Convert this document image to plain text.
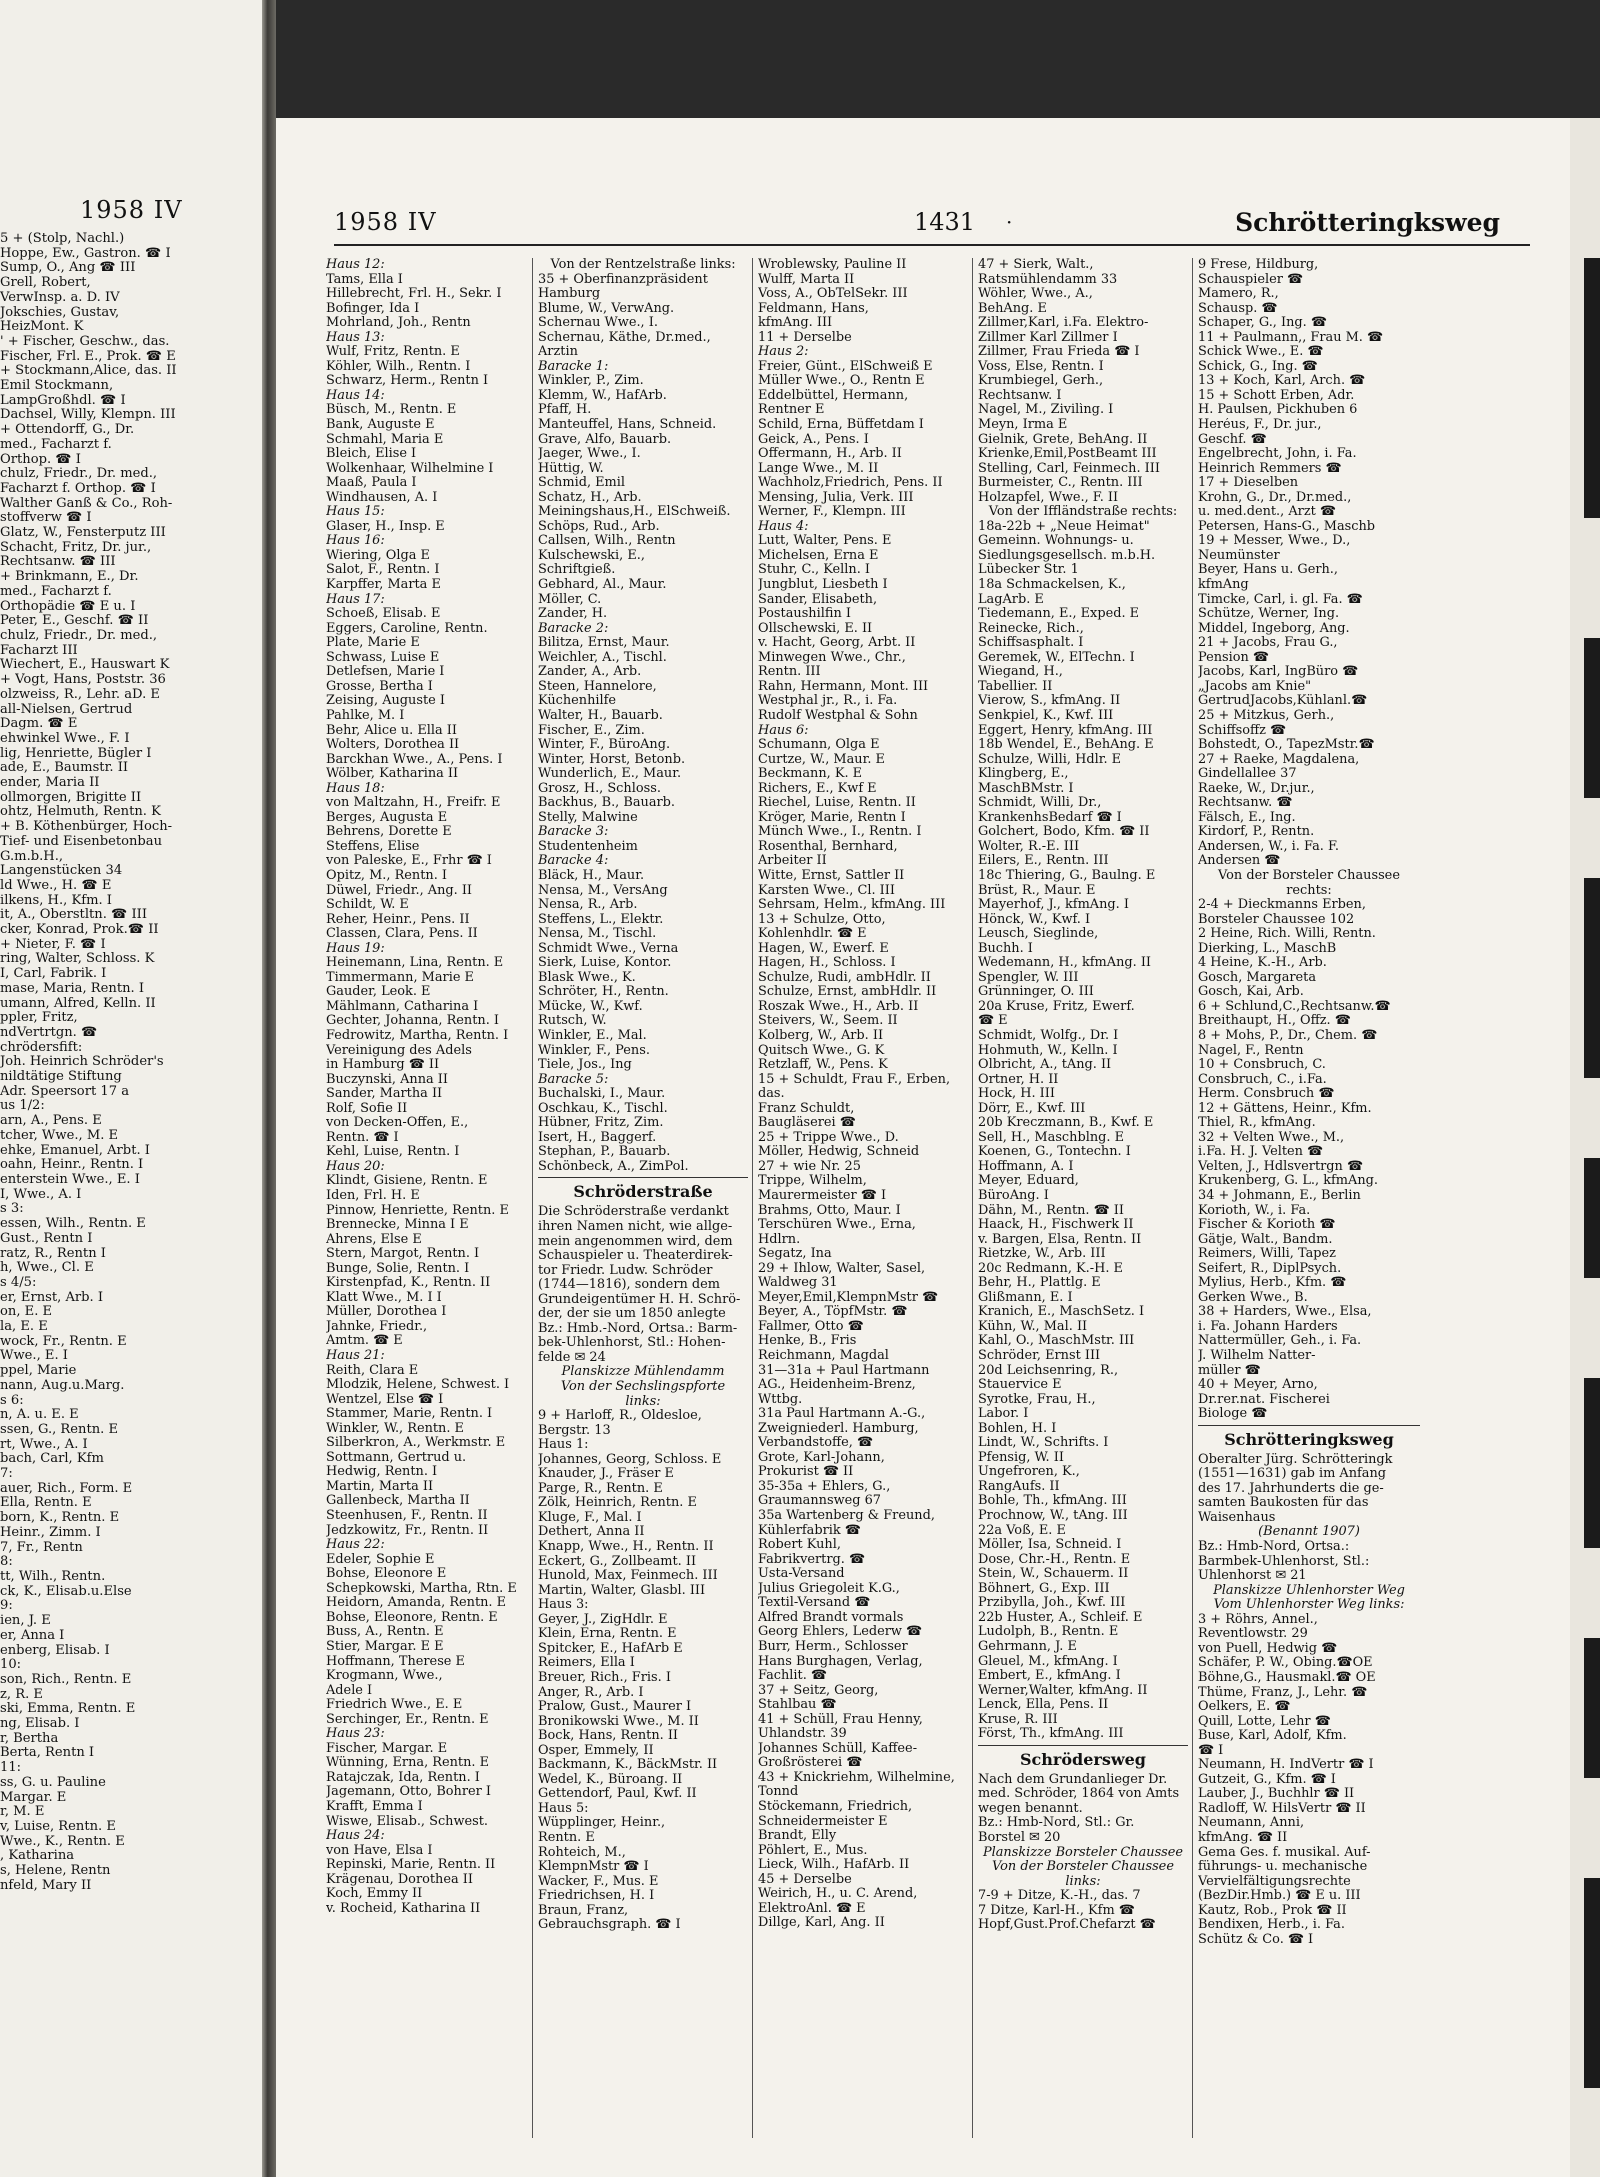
1958 IV
5 + (Stolp, Nachl.)
Hoppe, Ew., Gastron. ☎ I
Sump, O., Ang ☎ III
Grell, Robert,
VerwInsp. a. D. IV
Jokschies, Gustav,
HeizMont. K
' + Fischer, Geschw., das.
Fischer, Frl. E., Prok. ☎ E
+ Stockmann,Alice, das. II
Emil Stockmann,
LampGroßhdl. ☎ I
Dachsel, Willy, Klempn. III
+ Ottendorff, G., Dr.
med., Facharzt f.
Orthop. ☎ I
chulz, Friedr., Dr. med.,
Facharzt f. Orthop. ☎ I
Walther Ganß & Co., Roh-
stoffverw ☎ I
Glatz, W., Fensterputz III
Schacht, Fritz, Dr. jur.,
Rechtsanw. ☎ III
+ Brinkmann, E., Dr.
med., Facharzt f.
Orthopädie ☎ E u. I
Peter, E., Geschf. ☎ II
chulz, Friedr., Dr. med.,
Facharzt III
Wiechert, E., Hauswart K
+ Vogt, Hans, Poststr. 36
olzweiss, R., Lehr. aD. E
all-Nielsen, Gertrud
Dagm. ☎ E
ehwinkel Wwe., F. I
lig, Henriette, Bügler I
ade, E., Baumstr. II
ender, Maria II
ollmorgen, Brigitte II
ohtz, Helmuth, Rentn. K
+ B. Köthenbürger, Hoch-
Tief- und Eisenbetonbau
G.m.b.H.,
Langenstücken 34
ld Wwe., H. ☎ E
ilkens, H., Kfm. I
it, A., Oberstltn. ☎ III
cker, Konrad, Prok.☎ II
+ Nieter, F. ☎ I
ring, Walter, Schloss. K
I, Carl, Fabrik. I
mase, Maria, Rentn. I
umann, Alfred, Kelln. II
ppler, Fritz,
ndVertrtgn. ☎
chrödersfift:
Joh. Heinrich Schröder's
nildtätige Stiftung
Adr. Speersort 17 a
us 1/2:
arn, A., Pens. E
tcher, Wwe., M. E
ehke, Emanuel, Arbt. I
oahn, Heinr., Rentn. I
enterstein Wwe., E. I
I, Wwe., A. I
s 3:
essen, Wilh., Rentn. E
Gust., Rentn I
ratz, R., Rentn I
h, Wwe., Cl. E
s 4/5:
er, Ernst, Arb. I
on, E. E
la, E. E
wock, Fr., Rentn. E
Wwe., E. I
ppel, Marie
nann, Aug.u.Marg.
s 6:
n, A. u. E. E
ssen, G., Rentn. E
rt, Wwe., A. I
bach, Carl, Kfm
7:
auer, Rich., Form. E
Ella, Rentn. E
born, K., Rentn. E
Heinr., Zimm. I
7, Fr., Rentn
8:
tt, Wilh., Rentn.
ck, K., Elisab.u.Else
9:
ien, J. E
er, Anna I
enberg, Elisab. I
10:
son, Rich., Rentn. E
z, R. E
ski, Emma, Rentn. E
ng, Elisab. I
r, Bertha
Berta, Rentn I
11:
ss, G. u. Pauline
Margar. E
r, M. E
v, Luise, Rentn. E
Wwe., K., Rentn. E
, Katharina
s, Helene, Rentn
nfeld, Mary II
1958 IV	1431 ·	Schrötteringksweg
Haus 12:
Tams, Ella I
Hillebrecht, Frl. H., Sekr. I
Bofinger, Ida I
Mohrland, Joh., Rentn
Haus 13:
Wulf, Fritz, Rentn. E
Köhler, Wilh., Rentn. I
Schwarz, Herm., Rentn I
Haus 14:
Büsch, M., Rentn. E
Bank, Auguste E
Schmahl, Maria E
Bleich, Elise I
Wolkenhaar, Wilhelmine I
Maaß, Paula I
Windhausen, A. I
Haus 15:
Glaser, H., Insp. E
Haus 16:
Wiering, Olga E
Salot, F., Rentn. I
Karpffer, Marta E
Haus 17:
Schoeß, Elisab. E
Eggers, Caroline, Rentn.
Plate, Marie E
Schwass, Luise E
Detlefsen, Marie I
Grosse, Bertha I
Zeising, Auguste I
Pahlke, M. I
Behr, Alice u. Ella II
Wolters, Dorothea II
Barckhan Wwe., A., Pens. I
Wölber, Katharina II
Haus 18:
von Maltzahn, H., Freifr. E
Berges, Augusta E
Behrens, Dorette E
Steffens, Elise
von Paleske, E., Frhr ☎ I
Opitz, M., Rentn. I
Düwel, Friedr., Ang. II
Schildt, W. E
Reher, Heinr., Pens. II
Classen, Clara, Pens. II
Haus 19:
Heinemann, Lina, Rentn. E
Timmermann, Marie E
Gauder, Leok. E
Mählmann, Catharina I
Gechter, Johanna, Rentn. I
Fedrowitz, Martha, Rentn. I
Vereinigung des Adels
in Hamburg ☎ II
Buczynski, Anna II
Sander, Martha II
Rolf, Sofie II
von Decken-Offen, E.,
Rentn. ☎ I
Kehl, Luise, Rentn. I
Haus 20:
Klindt, Gisiene, Rentn. E
Iden, Frl. H. E
Pinnow, Henriette, Rentn. E
Brennecke, Minna I E
Ahrens, Else E
Stern, Margot, Rentn. I
Bunge, Solie, Rentn. I
Kirstenpfad, K., Rentn. II
Klatt Wwe., M. I I
Müller, Dorothea I
Jahnke, Friedr.,
Amtm. ☎ E
Haus 21:
Reith, Clara E
Mlodzik, Helene, Schwest. I
Wentzel, Else ☎ I
Stammer, Marie, Rentn. I
Winkler, W., Rentn. E
Silberkron, A., Werkmstr. E
Sottmann, Gertrud u.
Hedwig, Rentn. I
Martin, Marta II
Gallenbeck, Martha II
Steenhusen, F., Rentn. II
Jedzkowitz, Fr., Rentn. II
Haus 22:
Edeler, Sophie E
Bohse, Eleonore E
Schepkowski, Martha, Rtn. E
Heidorn, Amanda, Rentn. E
Bohse, Eleonore, Rentn. E
Buss, A., Rentn. E
Stier, Margar. E E
Hoffmann, Therese E
Krogmann, Wwe.,
Adele I
Friedrich Wwe., E. E
Serchinger, Er., Rentn. E
Haus 23:
Fischer, Margar. E
Wünning, Erna, Rentn. E
Ratajczak, Ida, Rentn. I
Jagemann, Otto, Bohrer I
Krafft, Emma I
Wiswe, Elisab., Schwest.
Haus 24:
von Have, Elsa I
Repinski, Marie, Rentn. II
Krägenau, Dorothea II
Koch, Emmy II
v. Rocheid, Katharina II
Von der Rentzelstraße links:
35 + Oberfinanzpräsident
Hamburg
Blume, W., VerwAng.
Schernau Wwe., I.
Schernau, Käthe, Dr.med.,
Ärztin
Baracke 1:
Winkler, P., Zim.
Klemm, W., HafArb.
Pfaff, H.
Manteuffel, Hans, Schneid.
Grave, Alfo, Bauarb.
Jaeger, Wwe., I.
Hüttig, W.
Schmid, Emil
Schatz, H., Arb.
Meiningshaus,H., ElSchweiß.
Schöps, Rud., Arb.
Callsen, Wilh., Rentn
Kulschewski, E.,
Schriftgieß.
Gebhard, Al., Maur.
Möller, C.
Zander, H.
Baracke 2:
Bilitza, Ernst, Maur.
Weichler, A., Tischl.
Zander, A., Arb.
Steen, Hannelore,
Küchenhilfe
Walter, H., Bauarb.
Fischer, E., Zim.
Winter, F., BüroAng.
Winter, Horst, Betonb.
Wunderlich, E., Maur.
Grosz, H., Schloss.
Backhus, B., Bauarb.
Stelly, Malwine
Baracke 3:
Studentenheim
Baracke 4:
Bläck, H., Maur.
Nensa, M., VersAng
Nensa, R., Arb.
Steffens, L., Elektr.
Nensa, M., Tischl.
Schmidt Wwe., Verna
Sierk, Luise, Kontor.
Blask Wwe., K.
Schröter, H., Rentn.
Mücke, W., Kwf.
Rutsch, W.
Winkler, E., Mal.
Winkler, F., Pens.
Tiele, Jos., Ing
Baracke 5:
Buchalski, I., Maur.
Oschkau, K., Tischl.
Hübner, Fritz, Zim.
Isert, H., Baggerf.
Stephan, P., Bauarb.
Schönbeck, A., ZimPol.
Schröderstraße
Die Schröderstraße verdankt
ihren Namen nicht, wie allge-
mein angenommen wird, dem
Schauspieler u. Theaterdirek-
tor Friedr. Ludw. Schröder
(1744—1816), sondern dem
Grundeigentümer H. H. Schrö-
der, der sie um 1850 anlegte
Bz.: Hmb.-Nord, Ortsa.: Barm-
bek-Uhlenhorst, Stl.: Hohen-
felde ✉ 24
Planskizze Mühlendamm
Von der Sechslingspforte
links:
9 + Harloff, R., Oldesloe,
Bergstr. 13
Haus 1:
Johannes, Georg, Schloss. E
Knauder, J., Fräser E
Parge, R., Rentn. E
Zölk, Heinrich, Rentn. E
Kluge, F., Mal. I
Dethert, Anna II
Knapp, Wwe., H., Rentn. II
Eckert, G., Zollbeamt. II
Hunold, Max, Feinmech. III
Martin, Walter, Glasbl. III
Haus 3:
Geyer, J., ZigHdlr. E
Klein, Erna, Rentn. E
Spitcker, E., HafArb E
Reimers, Ella I
Breuer, Rich., Fris. I
Anger, R., Arb. I
Pralow, Gust., Maurer I
Bronikowski Wwe., M. II
Bock, Hans, Rentn. II
Osper, Emmely, II
Backmann, K., BäckMstr. II
Wedel, K., Büroang. II
Gettendorf, Paul, Kwf. II
Haus 5:
Wüpplinger, Heinr.,
Rentn. E
Rohteich, M.,
KlempnMstr ☎ I
Wacker, F., Mus. E
Friedrichsen, H. I
Braun, Franz,
Gebrauchsgraph. ☎ I
Wroblewsky, Pauline II
Wulff, Marta II
Voss, A., ObTelSekr. III
Feldmann, Hans,
kfmAng. III
11 + Derselbe
Haus 2:
Freier, Günt., ElSchweiß E
Müller Wwe., O., Rentn E
Eddelbüttel, Hermann,
Rentner E
Schild, Erna, Büffetdam I
Geick, A., Pens. I
Offermann, H., Arb. II
Lange Wwe., M. II
Wachholz,Friedrich, Pens. II
Mensing, Julia, Verk. III
Werner, F., Klempn. III
Haus 4:
Lutt, Walter, Pens. E
Michelsen, Erna E
Stuhr, C., Kelln. I
Jungblut, Liesbeth I
Sander, Elisabeth,
Postaushilfin I
Ollschewski, E. II
v. Hacht, Georg, Arbt. II
Minwegen Wwe., Chr.,
Rentn. III
Rahn, Hermann, Mont. III
Westphal jr., R., i. Fa.
Rudolf Westphal & Sohn
Haus 6:
Schumann, Olga E
Curtze, W., Maur. E
Beckmann, K. E
Richers, E., Kwf E
Riechel, Luise, Rentn. II
Kröger, Marie, Rentn I
Münch Wwe., I., Rentn. I
Rosenthal, Bernhard,
Arbeiter II
Witte, Ernst, Sattler II
Karsten Wwe., Cl. III
Sehrsam, Helm., kfmAng. III
13 + Schulze, Otto,
Kohlenhdlr. ☎ E
Hagen, W., Ewerf. E
Hagen, H., Schloss. I
Schulze, Rudi, ambHdlr. II
Schulze, Ernst, ambHdlr. II
Roszak Wwe., H., Arb. II
Steivers, W., Seem. II
Kolberg, W., Arb. II
Quitsch Wwe., G. K
Retzlaff, W., Pens. K
15 + Schuldt, Frau F., Erben,
das.
Franz Schuldt,
Baugläserei ☎
25 + Trippe Wwe., D.
Möller, Hedwig, Schneid
27 + wie Nr. 25
Trippe, Wilhelm,
Maurermeister ☎ I
Brahms, Otto, Maur. I
Terschüren Wwe., Erna,
Hdlrn.
Segatz, Ina
29 + Ihlow, Walter, Sasel,
Waldweg 31
Meyer,Emil,KlempnMstr ☎
Beyer, A., TöpfMstr. ☎
Fallmer, Otto ☎
Henke, B., Fris
Reichmann, Magdal
31—31a + Paul Hartmann
AG., Heidenheim-Brenz,
Wttbg.
31a Paul Hartmann A.-G.,
Zweigniederl. Hamburg,
Verbandstoffe, ☎
Grote, Karl-Johann,
Prokurist ☎ II
35-35a + Ehlers, G.,
Graumannsweg 67
35a Wartenberg & Freund,
Kühlerfabrik ☎
Robert Kuhl,
Fabrikvertrg. ☎
Usta-Versand
Julius Griegoleit K.G.,
Textil-Versand ☎
Alfred Brandt vormals
Georg Ehlers, Lederw ☎
Burr, Herm., Schlosser
Hans Burghagen, Verlag,
Fachlit. ☎
37 + Seitz, Georg,
Stahlbau ☎
41 + Schüll, Frau Henny,
Uhlandstr. 39
Johannes Schüll, Kaffee-
Großrösterei ☎
43 + Knickriehm, Wilhelmine,
Tonnd
Stöckemann, Friedrich,
Schneidermeister E
Brandt, Elly
Pöhlert, E., Mus.
Lieck, Wilh., HafArb. II
45 + Derselbe
Weirich, H., u. C. Arend,
ElektroAnl. ☎ E
Dillge, Karl, Ang. II
47 + Sierk, Walt.,
Ratsmühlendamm 33
Wöhler, Wwe., A.,
BehAng. E
Zillmer,Karl, i.Fa. Elektro-
Zillmer Karl Zillmer I
Zillmer, Frau Frieda ☎ I
Voss, Else, Rentn. I
Krumbiegel, Gerh.,
Rechtsanw. I
Nagel, M., Zivilìng. I
Meyn, Irma E
Gielnik, Grete, BehAng. II
Krienke,Emil,PostBeamt III
Stelling, Carl, Feinmech. III
Burmeister, C., Rentn. III
Holzapfel, Wwe., F. II
Von der Iffländstraße rechts:
18a-22b + „Neue Heimat"
Gemeinn. Wohnungs- u.
Siedlungsgesellsch. m.b.H.
Lübecker Str. 1
18a Schmackelsen, K.,
LagArb. E
Tiedemann, E., Exped. E
Reinecke, Rich.,
Schiffsasphalt. I
Geremek, W., ElTechn. I
Wiegand, H.,
Tabellier. II
Vierow, S., kfmAng. II
Senkpiel, K., Kwf. III
Eggert, Henry, kfmAng. III
18b Wendel, E., BehAng. E
Schulze, Willi, Hdlr. E
Klingberg, E.,
MaschBMstr. I
Schmidt, Willi, Dr.,
KrankenhsBedarf ☎ I
Golchert, Bodo, Kfm. ☎ II
Wolter, R.-E. III
Eilers, E., Rentn. III
18c Thiering, G., Baulng. E
Brüst, R., Maur. E
Mayerhof, J., kfmAng. I
Hönck, W., Kwf. I
Leusch, Sieglinde,
Buchh. I
Wedemann, H., kfmAng. II
Spengler, W. III
Grünninger, O. III
20a Kruse, Fritz, Ewerf.
☎ E
Schmidt, Wolfg., Dr. I
Hohmuth, W., Kelln. I
Olbricht, A., tAng. II
Ortner, H. II
Hock, H. III
Dörr, E., Kwf. III
20b Kreczmann, B., Kwf. E
Sell, H., Maschblng. E
Koenen, G., Tontechn. I
Hoffmann, A. I
Meyer, Eduard,
BüroAng. I
Dähn, M., Rentn. ☎ II
Haack, H., Fischwerk II
v. Bargen, Elsa, Rentn. II
Rietzke, W., Arb. III
20c Redmann, K.-H. E
Behr, H., Plattlg. E
Glißmann, E. I
Kranich, E., MaschSetz. I
Kühn, W., Mal. II
Kahl, O., MaschMstr. III
Schröder, Ernst III
20d Leichsenring, R.,
Stauervice E
Syrotke, Frau, H.,
Labor. I
Bohlen, H. I
Lindt, W., Schrifts. I
Pfensig, W. II
Ungefroren, K.,
RangAufs. II
Bohle, Th., kfmAng. III
Prochnow, W., tAng. III
22a Voß, E. E
Möller, Isa, Schneid. I
Dose, Chr.-H., Rentn. E
Stein, W., Schauerm. II
Böhnert, G., Exp. III
Przibylla, Joh., Kwf. III
22b Huster, A., Schleif. E
Ludolph, B., Rentn. E
Gehrmann, J. E
Gleuel, M., kfmAng. I
Embert, E., kfmAng. I
Werner,Walter, kfmAng. II
Lenck, Ella, Pens. II
Kruse, R. III
Först, Th., kfmAng. III
Schrödersweg
Nach dem Grundanlieger Dr.
med. Schröder, 1864 von Amts
wegen benannt.
Bz.: Hmb-Nord, Stl.: Gr.
Borstel ✉ 20
Planskizze Borsteler Chaussee
Von der Borsteler Chaussee
links:
7-9 + Ditze, K.-H., das. 7
7 Ditze, Karl-H., Kfm ☎
Hopf,Gust.Prof.Chefarzt ☎
9 Frese, Hildburg,
Schauspieler ☎
Mamero, R.,
Schausp. ☎
Schaper, G., Ing. ☎
11 + Paulmann,, Frau M. ☎
Schick Wwe., E. ☎
Schick, G., Ing. ☎
13 + Koch, Karl, Arch. ☎
15 + Schott Erben, Adr.
H. Paulsen, Pickhuben 6
Heréus, F., Dr. jur.,
Geschf. ☎
Engelbrecht, John, i. Fa.
Heinrich Remmers ☎
17 + Dieselben
Krohn, G., Dr., Dr.med.,
u. med.dent., Arzt ☎
Petersen, Hans-G., Maschb
19 + Messer, Wwe., D.,
Neumünster
Beyer, Hans u. Gerh.,
kfmAng
Timcke, Carl, i. gl. Fa. ☎
Schütze, Werner, Ing.
Middel, Ingeborg, Ang.
21 + Jacobs, Frau G.,
Pension ☎
Jacobs, Karl, IngBüro ☎
„Jacobs am Knie"
GertrudJacobs,Kühlanl.☎
25 + Mitzkus, Gerh.,
Schiffsoffz ☎
Bohstedt, O., TapezMstr.☎
27 + Raeke, Magdalena,
Gindellallee 37
Raeke, W., Dr.jur.,
Rechtsanw. ☎
Fälsch, E., Ing.
Kirdorf, P., Rentn.
Andersen, W., i. Fa. F.
Andersen ☎
Von der Borsteler Chaussee
rechts:
2-4 + Dieckmanns Erben,
Borsteler Chaussee 102
2 Heine, Rich. Willi, Rentn.
Dierking, L., MaschB
4 Heine, K.-H., Arb.
Gosch, Margareta
Gosch, Kai, Arb.
6 + Schlund,C.,Rechtsanw.☎
Breithaupt, H., Offz. ☎
8 + Mohs, P., Dr., Chem. ☎
Nagel, F., Rentn
10 + Consbruch, C.
Consbruch, C., i.Fa.
Herm. Consbruch ☎
12 + Gättens, Heinr., Kfm.
Thiel, R., kfmAng.
32 + Velten Wwe., M.,
i.Fa. H. J. Velten ☎
Velten, J., Hdlsvertrgn ☎
Krukenberg, G. L., kfmAng.
34 + Johmann, E., Berlin
Korioth, W., i. Fa.
Fischer & Korioth ☎
Gätje, Walt., Bandm.
Reimers, Willi, Tapez
Seifert, R., DiplPsych.
Mylius, Herb., Kfm. ☎
Gerken Wwe., B.
38 + Harders, Wwe., Elsa,
i. Fa. Johann Harders
Nattermüller, Geh., i. Fa.
J. Wilhelm Natter-
müller ☎
40 + Meyer, Arno,
Dr.rer.nat. Fischerei
Biologe ☎
Schrötteringksweg
Oberalter Jürg. Schrötteringk
(1551—1631) gab im Anfang
des 17. Jahrhunderts die ge-
samten Baukosten für das
Waisenhaus
(Benannt 1907)
Bz.: Hmb-Nord, Ortsa.:
Barmbek-Uhlenhorst, Stl.:
Uhlenhorst ✉ 21
Planskizze Uhlenhorster Weg
Vom Uhlenhorster Weg links:
3 + Röhrs, Annel.,
Reventlowstr. 29
von Puell, Hedwig ☎
Schäfer, P. W., Obing.☎OE
Böhne,G., Hausmakl.☎ OE
Thüme, Franz, J., Lehr. ☎
Oelkers, E. ☎
Quill, Lotte, Lehr ☎
Buse, Karl, Adolf, Kfm.
☎ I
Neumann, H. IndVertr ☎ I
Gutzeit, G., Kfm. ☎ I
Lauber, J., Buchhlr ☎ II
Radloff, W. HilsVertr ☎ II
Neumann, Anni,
kfmAng. ☎ II
Gema Ges. f. musikal. Auf-
führungs- u. mechanische
Vervielfältigungsrechte
(BezDir.Hmb.) ☎ E u. III
Kautz, Rob., Prok ☎ II
Bendixen, Herb., i. Fa.
Schütz & Co. ☎ I
